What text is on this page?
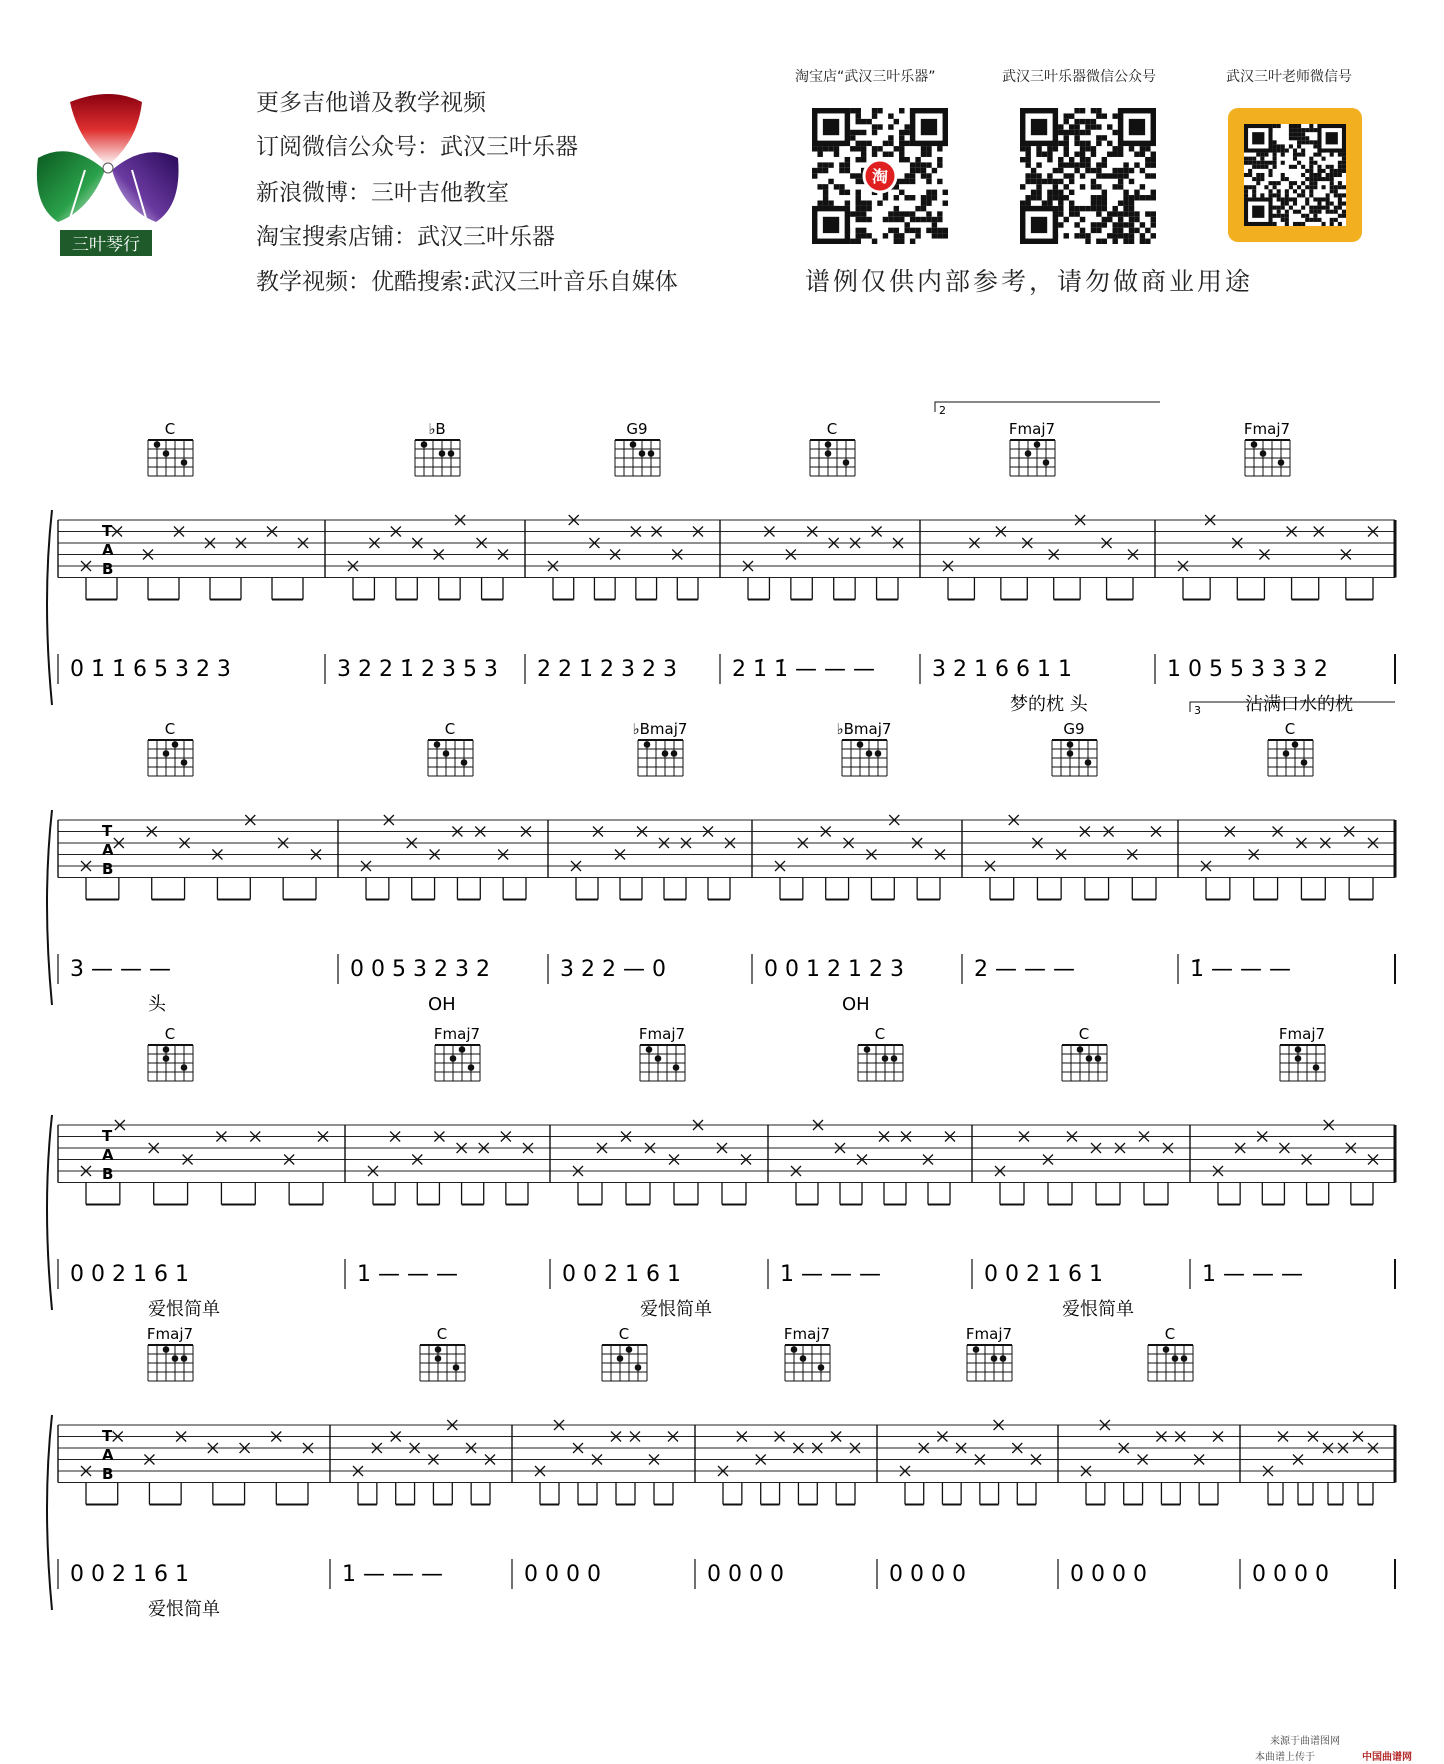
三叶琴行
更多吉他谱及教学视频
订阅微信公众号：武汉三叶乐器
新浪微博：三叶吉他教室
淘宝搜索店铺：武汉三叶乐器
教学视频：优酷搜索:武汉三叶音乐自媒体
淘宝店“武汉三叶乐器”	武汉三叶乐器微信公众号	武汉三叶老师微信号
淘
谱例仅供内部参考，请勿做商业用途
T
A
B
C
0 1̇ 1̇ 6 5 3 2 3
♭B
3 2 2 1̇ 2 3 5 3
G9
2 2 1̇ 2 3 2 3
C
2 1̇ 1̇ — — —
Fmaj7
3 2 1 6 6 1 1
梦的枕 头
Fmaj7
1 0 5 5 3 3 3 2
沾满口水的枕
2
T
A
B
C
3 — — —
头
C
0 0 5 3 2 3 2
OH
♭Bmaj7
3 2 2 — 0
♭Bmaj7
0 0 1 2 1 2 3
OH
G9
2 — — —
C
1̇ — — —
3
T
A
B
C
0 0 2 1 6 1
爱恨简单
Fmaj7
1 — — —
Fmaj7
0 0 2 1 6 1
爱恨简单
C
1 — — —
C
0 0 2 1 6 1
爱恨简单
Fmaj7
1 — — —
T
A
B
Fmaj7
0 0 2 1 6 1
爱恨简单
C
1 — — —
C
0 0 0 0
Fmaj7
0 0 0 0
Fmaj7
0 0 0 0
C
0 0 0 0	0 0 0 0
来源于曲谱图网
本曲谱上传于	中国曲谱网
